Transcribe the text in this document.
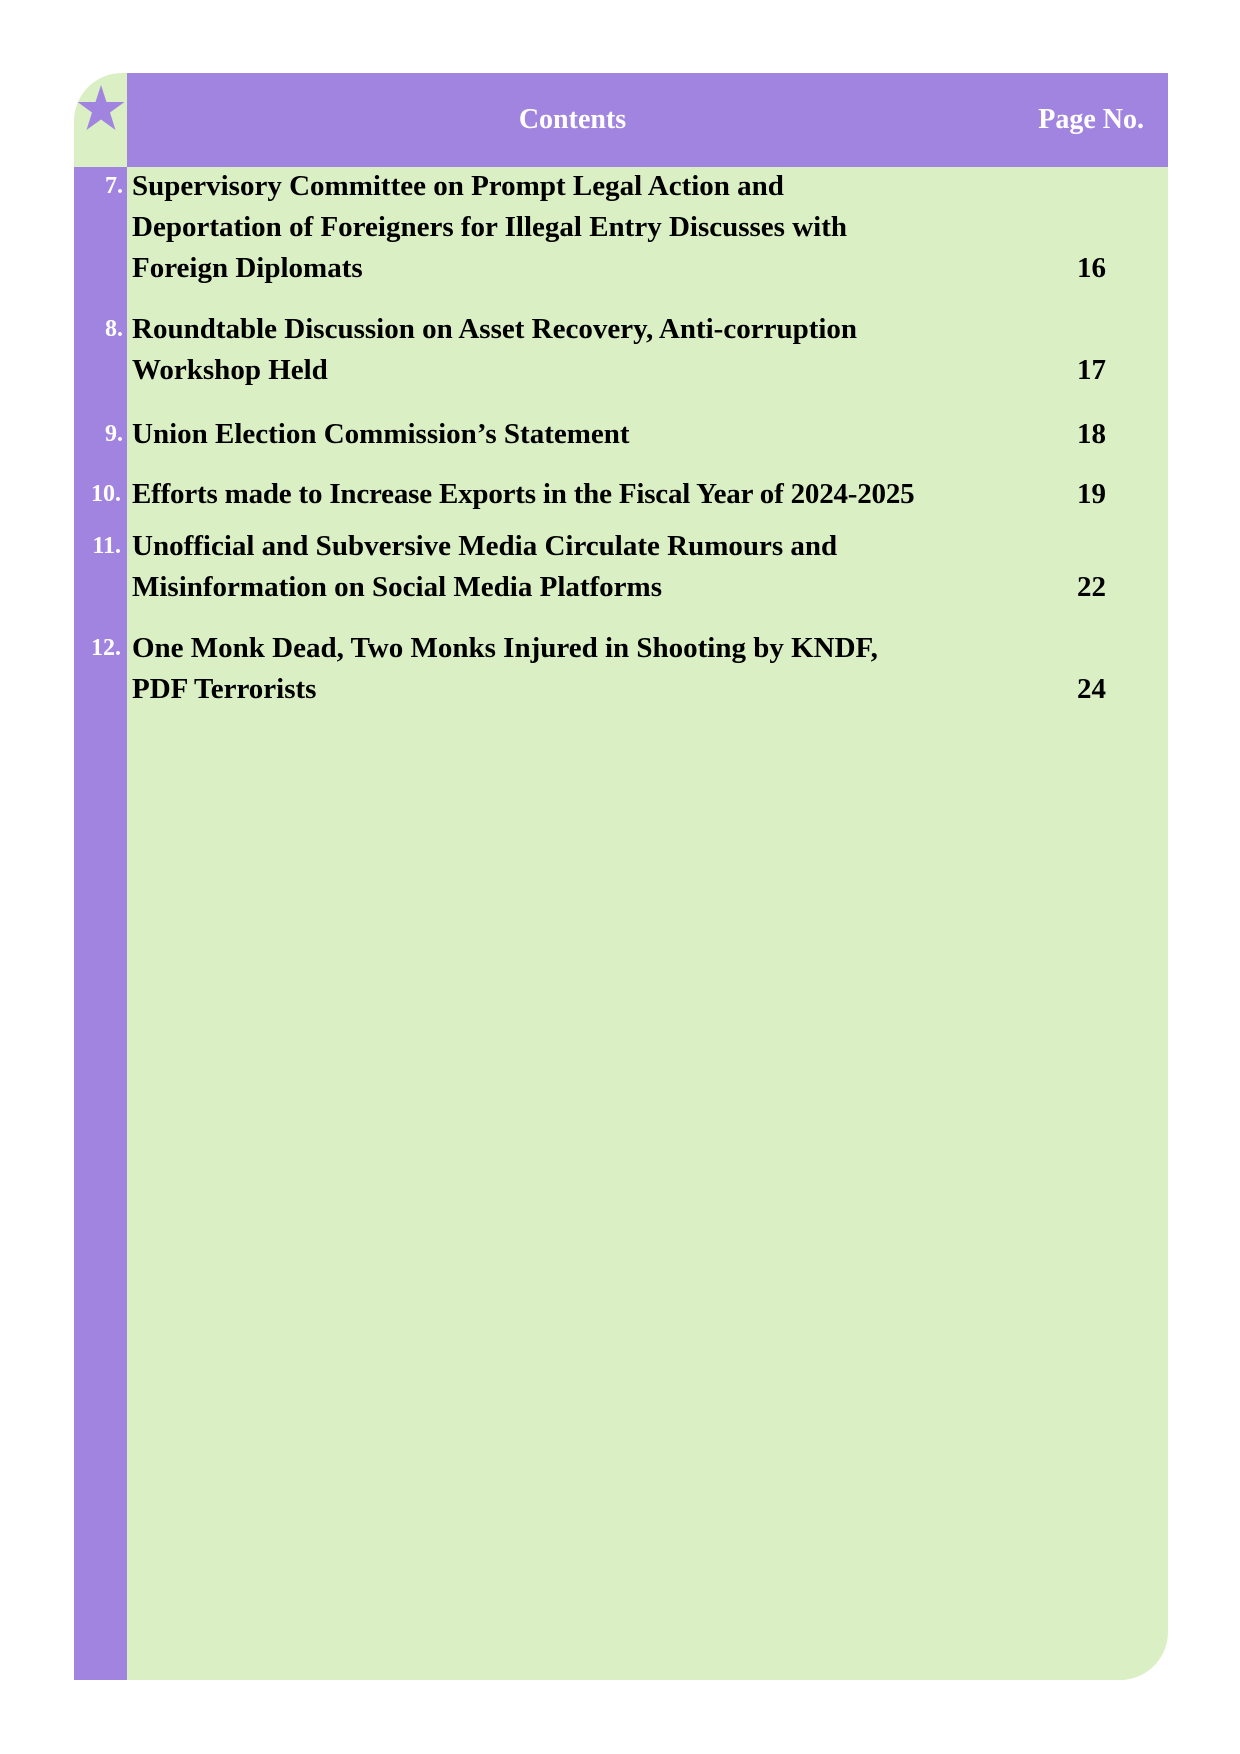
Contents	Page No.
7. Supervisory Committee on Prompt Legal Action and
Deportation of Foreigners for Illegal Entry Discusses with
Foreign Diplomats	16
8. Roundtable Discussion on Asset Recovery, Anti-corruption
Workshop Held	17
9. Union Election Commission’s Statement	18
10. Efforts made to Increase Exports in the Fiscal Year of 2024-2025	19
11. Unofficial and Subversive Media Circulate Rumours and
Misinformation on Social Media Platforms	22
12. One Monk Dead, Two Monks Injured in Shooting by KNDF,
PDF Terrorists	24
